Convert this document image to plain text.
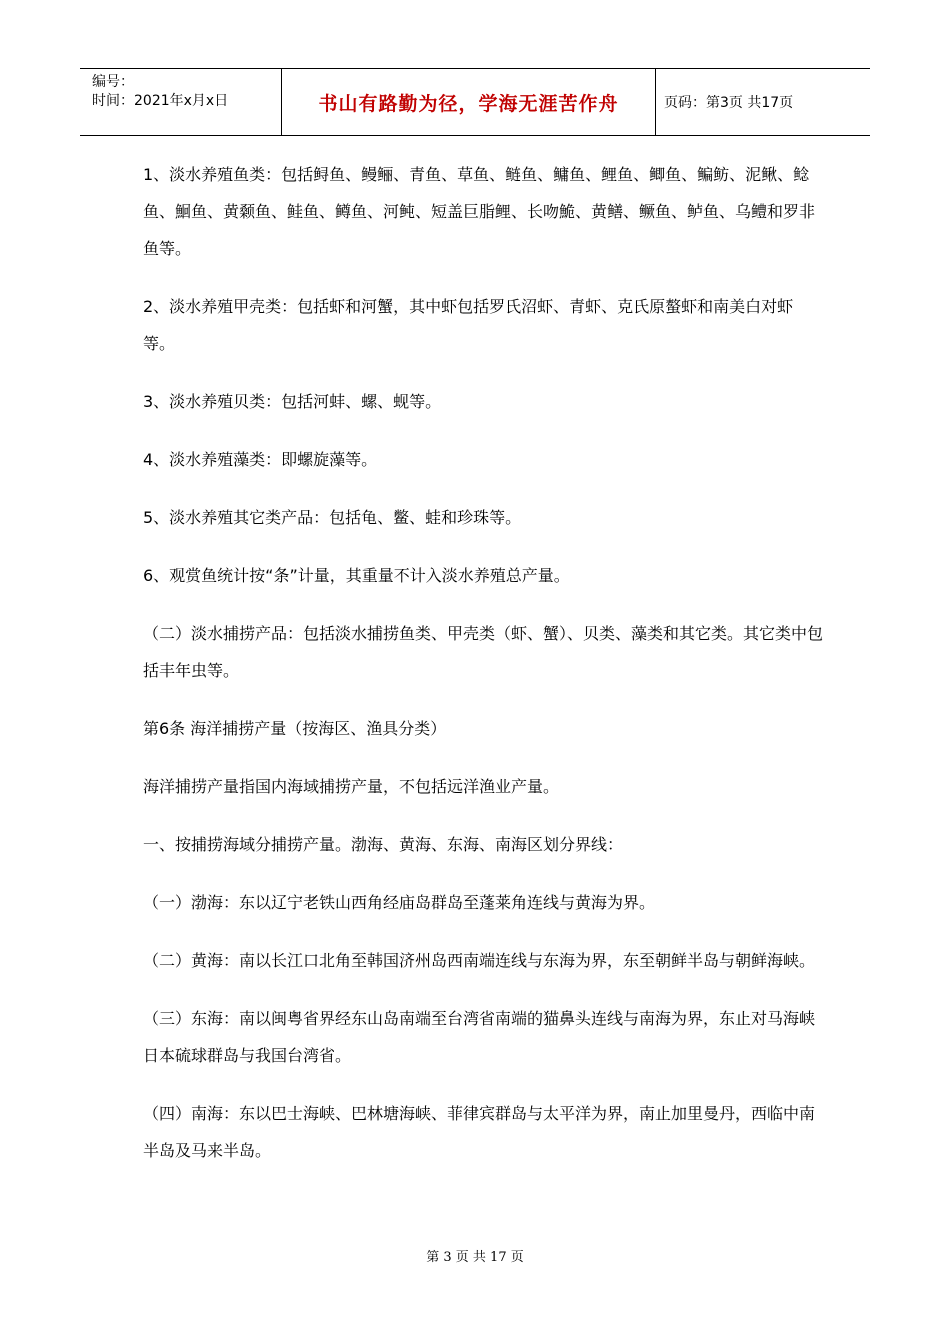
编号：
时间：2021年x月x日	书山有路勤为径，学海无涯苦作舟	页码：第3页 共17页

1、淡水养殖鱼类：包括鲟鱼、鳗鲡、青鱼、草鱼、鲢鱼、鳙鱼、鲤鱼、鲫鱼、鳊鲂、泥鳅、鲶鱼、鮰鱼、黄颡鱼、鲑鱼、鳟鱼、河鲀、短盖巨脂鲤、长吻鮠、黄鳝、鳜鱼、鲈鱼、乌鳢和罗非鱼等。

2、淡水养殖甲壳类：包括虾和河蟹，其中虾包括罗氏沼虾、青虾、克氏原螯虾和南美白对虾等。

3、淡水养殖贝类：包括河蚌、螺、蚬等。

4、淡水养殖藻类：即螺旋藻等。

5、淡水养殖其它类产品：包括龟、鳖、蛙和珍珠等。

6、观赏鱼统计按“条”计量，其重量不计入淡水养殖总产量。

（二）淡水捕捞产品：包括淡水捕捞鱼类、甲壳类（虾、蟹）、贝类、藻类和其它类。其它类中包括丰年虫等。

第6条 海洋捕捞产量（按海区、渔具分类）

海洋捕捞产量指国内海域捕捞产量，不包括远洋渔业产量。

一、按捕捞海域分捕捞产量。渤海、黄海、东海、南海区划分界线：

（一）渤海：东以辽宁老铁山西角经庙岛群岛至蓬莱角连线与黄海为界。

（二）黄海：南以长江口北角至韩国济州岛西南端连线与东海为界，东至朝鲜半岛与朝鲜海峡。

（三）东海：南以闽粤省界经东山岛南端至台湾省南端的猫鼻头连线与南海为界，东止对马海峡日本硫球群岛与我国台湾省。

（四）南海：东以巴士海峡、巴林塘海峡、菲律宾群岛与太平洋为界，南止加里曼丹，西临中南半岛及马来半岛。

第 3 页 共 17 页
